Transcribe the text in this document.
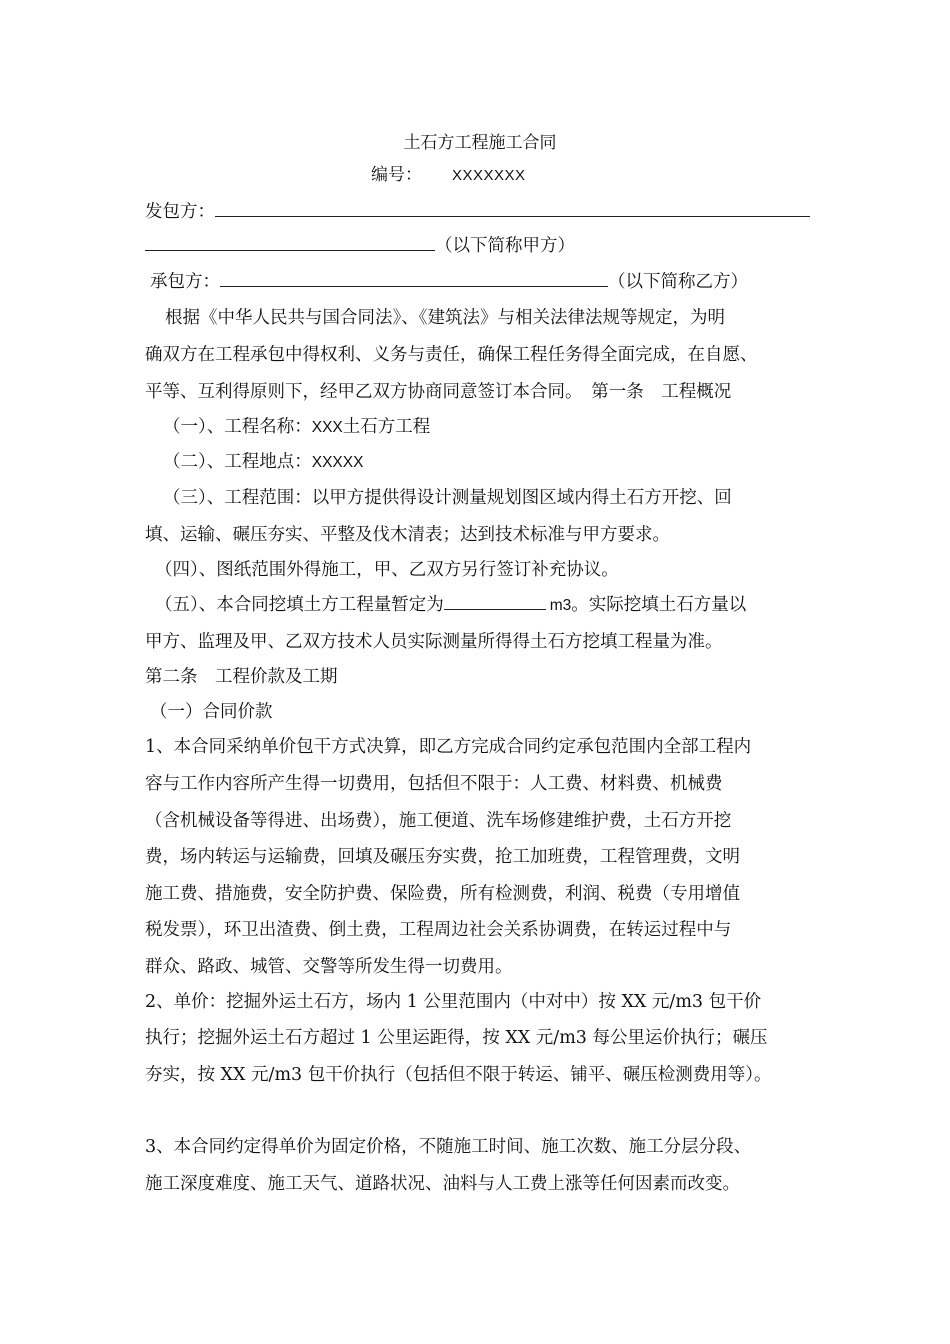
土石方工程施工合同
编号： XXXXXXX
发包方：
（以下简称甲方）
承包方：	（以下简称乙方）
根据《中华人民共与国合同法》、《建筑法》与相关法律法规等规定，为明
确双方在工程承包中得权利、义务与责任，确保工程任务得全面完成，在自愿、
平等、互利得原则下，经甲乙双方协商同意签订本合同。　第一条　工程概况
（一）、工程名称：XXX土石方工程
（二）、工程地点：XXXXX
（三）、工程范围：以甲方提供得设计测量规划图区域内得土石方开挖、回
填、运输、碾压夯实、平整及伐木清表；达到技术标准与甲方要求。
（四）、图纸范围外得施工，甲、乙双方另行签订补充协议。
（五）、本合同挖填土方工程量暂定为	m3。实际挖填土石方量以
甲方、监理及甲、乙双方技术人员实际测量所得得土石方挖填工程量为准。
第二条　工程价款及工期
（一）合同价款
1、本合同采纳单价包干方式决算，即乙方完成合同约定承包范围内全部工程内
容与工作内容所产生得一切费用，包括但不限于：人工费、材料费、机械费
（含机械设备等得进、出场费），施工便道、洗车场修建维护费，土石方开挖
费，场内转运与运输费，回填及碾压夯实费，抢工加班费，工程管理费，文明
施工费、措施费，安全防护费、保险费，所有检测费，利润、税费（专用增值
税发票），环卫出渣费、倒土费，工程周边社会关系协调费，在转运过程中与
群众、路政、城管、交警等所发生得一切费用。
2、单价：挖掘外运土石方，场内 1 公里范围内（中对中）按 XX 元/m3 包干价
执行；挖掘外运土石方超过 1 公里运距得，按 XX 元/m3 每公里运价执行；碾压
夯实，按 XX 元/m3 包干价执行（包括但不限于转运、铺平、碾压检测费用等）。
3、本合同约定得单价为固定价格，不随施工时间、施工次数、施工分层分段、
施工深度难度、施工天气、道路状况、油料与人工费上涨等任何因素而改变。
